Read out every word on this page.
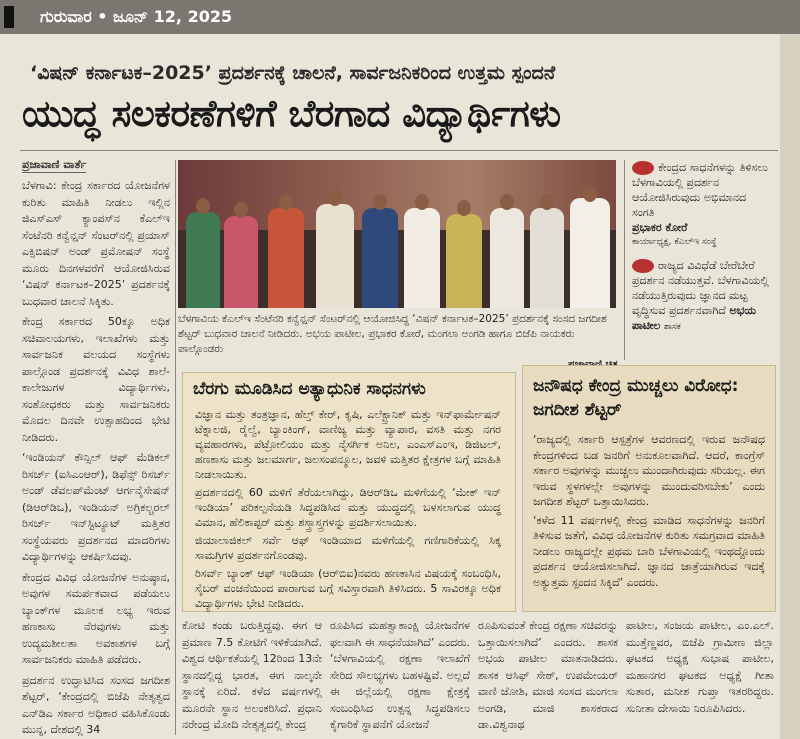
ಗುರುವಾರ • ಜೂನ್ 12, 2025
‘ವಿಷನ್ ಕರ್ನಾಟಕ–2025’ ಪ್ರದರ್ಶನಕ್ಕೆ ಚಾಲನೆ, ಸಾರ್ವಜನಿಕರಿಂದ ಉತ್ತಮ ಸ್ಪಂದನೆ
ಯುದ್ಧ ಸಲಕರಣೆಗಳಿಗೆ ಬೆರಗಾದ ವಿದ್ಯಾರ್ಥಿಗಳು
ಪ್ರಜಾವಾಣಿ ವಾರ್ತೆ

ಬೆಳಗಾವಿ: ಕೇಂದ್ರ ಸರ್ಕಾರದ ಯೋಜನೆಗಳ ಕುರಿತು ಮಾಹಿತಿ ನೀಡಲು ಇಲ್ಲಿನ ಜಿಎಸ್ಎಸ್ ಕ್ಯಾಂಪಸ್‌ನ ಕೆಎಲ್ಇ ಸೆಂಟೆನರಿ ಕನ್ವೆನ್ಷನ್ ಸೆಂಟರ್‌ನಲ್ಲಿ ಪ್ರಯಾಸ್ ಎಕ್ಸಿಬಿಷನ್ ಅಂಡ್ ಪ್ರಮೋಷನ್ ಸಂಸ್ಥೆ ಮೂರು ದಿನಗಳವರೆಗೆ ಆಯೋಜಿಸಿರುವ ‘ವಿಷನ್ ಕರ್ನಾಟಕ–2025’ ಪ್ರದರ್ಶನಕ್ಕೆ ಬುಧವಾರ ಚಾಲನೆ ಸಿಕ್ಕಿತು.

ಕೇಂದ್ರ ಸರ್ಕಾರದ 50ಕ್ಕೂ ಅಧಿಕ ಸಚಿವಾಲಯಗಳು, ಇಲಾಖೆಗಳು ಮತ್ತು ಸಾರ್ವಜನಿಕ ವಲಯದ ಸಂಸ್ಥೆಗಳು ಪಾಲ್ಗೊಂಡ ಪ್ರದರ್ಶನಕ್ಕೆ ವಿವಿಧ ಶಾಲೆ- ಕಾಲೇಜುಗಳ ವಿದ್ಯಾರ್ಥಿಗಳು, ಸಂಶೋಧಕರು ಮತ್ತು ಸಾರ್ವಜನಿಕರು ಮೊದಲ ದಿನವೇ ಉತ್ಸಾಹದಿಂದ ಭೇಟಿ ನೀಡಿದರು.

‘ಇಂಡಿಯನ್ ಕೌನ್ಸಿಲ್ ಆಫ್ ಮೆಡಿಕಲ್ ರಿಸರ್ಚ್ (ಐಸಿಎಂಆರ್), ಡಿಫೆನ್ಸ್ ರಿಸರ್ಚ್ ಅಂಡ್ ಡೆವಲಪ್‌ಮೆಂಟ್ ಆರ್ಗನೈಸೇಷನ್ (ಡಿಆರ್‌ಡಿಒ), ಇಂಡಿಯನ್ ಅಗ್ರಿಕಲ್ಚರಲ್ ರಿಸರ್ಚ್ ಇನ್‌ಸ್ಟಿಟ್ಯೂಟ್ ಮತ್ತಿತರ ಸಂಸ್ಥೆಯವರು ಪ್ರದರ್ಶನದ ಮಾದರಿಗಳು ವಿದ್ಯಾರ್ಥಿಗಳನ್ನು ಆಕರ್ಷಿಸಿದವು.

ಕೇಂದ್ರದ ವಿವಿಧ ಯೋಜನೆಗಳ ಅನುಷ್ಠಾನ, ಅವುಗಳ ಸಮರ್ಪಕವಾದ ಪಡೆಯಲು ಬ್ಯಾಂಕ್‌ಗಳ ಮೂಲಕ ಲಭ್ಯ ಇರುವ ಹಣಕಾಸು ನೆರವುಗಳು ಮತ್ತು ಉದ್ಯಮಶೀಲತಾ ಅವಕಾಶಗಳ ಬಗ್ಗೆ ಸಾರ್ವಜನಿಕರು ಮಾಹಿತಿ ಪಡೆದರು.

ಪ್ರದರ್ಶನ ಉದ್ಘಾಟಿಸಿದ ಸಂಸದ ಜಗದೀಶ ಶೆಟ್ಟರ್, ‘ಕೇಂದ್ರದಲ್ಲಿ ಬಿಜೆಪಿ ನೇತೃತ್ವದ ಎನ್‌ಡಿಎ ಸರ್ಕಾರ ಅಧಿಕಾರ ವಹಿಸಿಕೊಂಡು ಮುನ್ನ, ದೇಶದಲ್ಲಿ 34

ಬೆಳಗಾವಿಯ ಕೆಎಲ್ಇ ಸೆಂಟೆನರಿ ಕನ್ವೆನ್ಷನ್ ಸೆಂಟರ್‌ನಲ್ಲಿ ಆಯೋಜಿಸಿದ್ದ ‘ವಿಷನ್ ಕರ್ನಾಟಕ–2025’ ಪ್ರದರ್ಶನಕ್ಕೆ ಸಂಸದ ಜಗದೀಶ ಶೆಟ್ಟರ್ ಬುಧವಾರ ಚಾಲನೆ ನೀಡಿದರು. ಅಭಯ ಪಾಟೀಲ, ಪ್ರಭಾಕರ ಕೋರೆ, ಮಂಗಲಾ ಅಂಗಡಿ ಹಾಗೂ ಬಿಜೆಪಿ ನಾಯಕರು ಪಾಲ್ಗೊಂಡರು
ಕೇಂದ್ರದ ಸಾಧನೆಗಳನ್ನು ತಿಳಿಸಲು ಬೆಳಗಾವಿಯಲ್ಲಿ ಪ್ರದರ್ಶನ ಆಯೋಜಿಸಿರುವುದು ಅಭಿಮಾನದ ಸಂಗತಿ
ಪ್ರಭಾಕರ ಕೋರೆ
ಕಾರ್ಯಾಧ್ಯಕ್ಷ, ಕೆಎಲ್ಇ ಸಂಸ್ಥೆ
ರಾಜ್ಯದ ವಿವಿಧೆಡೆ ಬೇರೆಬೇರೆ ಪ್ರದರ್ಶನ ನಡೆಯುತ್ತವೆ. ಬೆಳಗಾವಿಯಲ್ಲಿ ನಡೆಯುತ್ತಿರುವುದು ಜ್ಞಾನದ ಮಟ್ಟ ವೃದ್ಧಿಸುವ ಪ್ರದರ್ಶನವಾಗಿದೆ ಅಭಯ ಪಾಟೀಲ ಶಾಸಕ
ಬೆರಗು ಮೂಡಿಸಿದ ಅತ್ಯಾಧುನಿಕ ಸಾಧನಗಳು

ವಿಜ್ಞಾನ ಮತ್ತು ತಂತ್ರಜ್ಞಾನ, ಹೆಲ್ತ್ ಕೇರ್, ಕೃಷಿ, ಎಲೆಕ್ಟ್ರಾನಿಕ್ ಮತ್ತು ಇನ್‌ಫಾರ್ಮೇಷನ್ ಟೆಕ್ನಾಲಜಿ, ರೈಲ್ವೆ, ಬ್ಯಾಂಕಿಂಗ್, ವಾಣಿಜ್ಯ ಮತ್ತು ವ್ಯಾಪಾರ, ವಸತಿ ಮತ್ತು ನಗರ ವ್ಯವಹಾರಗಳು, ಪೆಟ್ರೋಲಿಯಂ ಮತ್ತು ನೈಸರ್ಗಿಕ ಅನಿಲ, ಎಂಎಸ್‌ಎಂಇ, ಡಿಜಿಟಲ್, ಹಣಕಾಸು ಮತ್ತು ಜಲಮಾರ್ಗ, ಜಲಸಂಪನ್ಮೂಲ, ಜವಳಿ ಮತ್ತಿತರ ಕ್ಷೇತ್ರಗಳ ಬಗ್ಗೆ ಮಾಹಿತಿ ನೀಡಲಾಯಿತು.

ಪ್ರದರ್ಶನದಲ್ಲಿ 60 ಮಳಿಗೆ ತೆರೆಯಲಾಗಿದ್ದು, ಡಿಆರ್‌ಡಿಒ ಮಳಿಗೆಯಲ್ಲಿ ‘ಮೇಕ್ ಇನ್ ಇಂಡಿಯಾ’ ಪರಿಕಲ್ಪನೆಯಡಿ ಸಿದ್ಧಪಡಿಸಿದ ಮತ್ತು ಯುದ್ಧದಲ್ಲಿ ಬಳಸಲಾಗುವ ಯುದ್ಧ ವಿಮಾನ, ಹೆಲಿಕಾಪ್ಟರ್ ಮತ್ತು ಶಸ್ತ್ರಾಸ್ತ್ರಗಳನ್ನು ಪ್ರದರ್ಶಿಸಲಾಯಿತು.

ಜಿಯಾಲಾಜಿಕಲ್ ಸರ್ವೆ ಆಫ್ ಇಂಡಿಯಾದ ಮಳಿಗೆಯಲ್ಲಿ ಗಣಿಗಾರಿಕೆಯಲ್ಲಿ ಸಿಕ್ಕ ಸಾಮಗ್ರಿಗಳ ಪ್ರದರ್ಶನಗೊಂಡವು.

ರಿಸರ್ವ್ ಬ್ಯಾಂಕ್ ಆಫ್ ಇಂಡಿಯಾ (ಆರ್‌ಬಿಐ)ನವರು ಹಣಕಾಸಿನ ವಿಷಯಕ್ಕೆ ಸಂಬಂಧಿಸಿ, ಸೈಬರ್ ವಂಚನೆಯಿಂದ ಪಾರಾಗುವ ಬಗ್ಗೆ ಸವಿಸ್ತಾರವಾಗಿ ತಿಳಿಸಿದರು. 5 ಸಾವಿರಕ್ಕೂ ಅಧಿಕ ವಿದ್ಯಾರ್ಥಿಗಳು ಭೇಟಿ ನೀಡಿದರು.

ಜನೌಷಧ ಕೇಂದ್ರ ಮುಚ್ಚಲು ವಿರೋಧ: ಜಗದೀಶ ಶೆಟ್ಟರ್

‘ರಾಜ್ಯದಲ್ಲಿ ಸರ್ಕಾರಿ ಆಸ್ಪತ್ರೆಗಳ ಆವರಣದಲ್ಲಿ ಇರುವ ಜನೌಷಧ ಕೇಂದ್ರಗಳಿಂದ ಬಡ ಜನರಿಗೆ ಅನುಕೂಲವಾಗಿದೆ. ಆದರೆ, ಕಾಂಗ್ರೆಸ್ ಸರ್ಕಾರ ಅವುಗಳನ್ನು ಮುಚ್ಚಲು ಮುಂದಾಗಿರುವುದು ಸರಿಯಲ್ಲ. ಈಗ ಇರುವ ಸ್ಥಳಗಳಲ್ಲೇ ಅವುಗಳನ್ನು ಮುಂದುವರಿಸಬೇಕು’ ಎಂದು ಜಗದೀಶ ಶೆಟ್ಟರ್ ಒತ್ತಾಯಿಸಿದರು.

‘ಕಳೆದ 11 ವರ್ಷಗಳಲ್ಲಿ ಕೇಂದ್ರ ಮಾಡಿದ ಸಾಧನೆಗಳನ್ನು ಜನರಿಗೆ ತಿಳಿಸುವ ಜತೆಗೆ, ವಿವಿಧ ಯೋಜನೆಗಳ ಕುರಿತು ಸಮಗ್ರವಾದ ಮಾಹಿತಿ ನೀಡಲು ರಾಜ್ಯದಲ್ಲೇ ಪ್ರಥಮ ಬಾರಿ ಬೆಳಗಾವಿಯಲ್ಲಿ ಇಂಥದ್ದೊಂದು ಪ್ರದರ್ಶನ ಆಯೋಜಿಸಲಾಗಿದೆ. ಜ್ಞಾನದ ಜಾತ್ರೆಯಾಗಿರುವ ಇದಕ್ಕೆ ಅತ್ಯುತ್ತಮ ಸ್ಪಂದನ ಸಿಕ್ಕಿದೆ’ ಎಂದರು.

ಕೋಟಿ ಕಂಡು ಬರುತ್ತಿದ್ದವು. ಈಗ ಆ ಪ್ರಮಾಣ 7.5 ಕೋಟಿಗೆ ಇಳಿಕೆಯಾಗಿದೆ. ವಿಶ್ವದ ಆರ್ಥಿಕತೆಯಲ್ಲಿ 12ರಿಂದ 13ನೇ ಸ್ಥಾನದಲ್ಲಿದ್ದ ಭಾರತ, ಈಗ ನಾಲ್ಕನೇ ಸ್ಥಾನಕ್ಕೆ ಏರಿದೆ. ಕಳೆದ ವರ್ಷಗಳಲ್ಲಿ ಮೂರನೇ ಸ್ಥಾನ ಅಲಂಕರಿಸಿದೆ. ಪ್ರಧಾನಿ ನರೇಂದ್ರ ಮೋದಿ ನೇತೃತ್ವದಲ್ಲಿ ಕೇಂದ್ರ

ರೂಪಿಸಿದ ಮಹತ್ವಾಕಾಂಕ್ಷಿ ಯೋಜನೆಗಳ ಫಲವಾಗಿ ಈ ಸಾಧನೆಯಾಗಿದೆ’ ಎಂದರು. ‘ಬೆಳಗಾವಿಯಲ್ಲಿ ರಕ್ಷಣಾ ಇಲಾಖೆಗೆ ಸೇರಿದ ಸೌಲಭ್ಯಗಳು ಬಹಳಷ್ಟಿವೆ. ಅಲ್ಲದೆ ಈ ಜಿಲ್ಲೆಯಲ್ಲಿ ರಕ್ಷಣಾ ಕ್ಷೇತ್ರಕ್ಕೆ ಸಂಬಂಧಿಸಿದ ಉತ್ಪನ್ನ ಸಿದ್ಧಪಡಿಸಲು ಕೈಗಾರಿಕೆ ಸ್ಥಾಪನೆಗೆ ಯೋಜನೆ

ರೂಪಿಸುವಂತೆ ಕೇಂದ್ರ ರಕ್ಷಣಾ ಸಚಿವರನ್ನು ಒತ್ತಾಯಿಸಲಾಗಿದೆ’ ಎಂದರು. ಶಾಸಕ ಅಭಯ ಪಾಟೀಲ ಮಾತನಾಡಿದರು. ಶಾಸಕ ಆಸಿಫ್ ಸೇಠ್, ಉಪಮೇಯರ್ ವಾಣಿ ಜೋಶಿ, ಮಾಜಿ ಸಂಸದ ಮಂಗಲಾ ಅಂಗಡಿ, ಮಾಜಿ ಶಾಸಕರಾದ ಡಾ.ವಿಶ್ವನಾಥ

ಪಾಟೀಲ, ಸಂಜಯ ಪಾಟೀಲ, ಎಂ.ಎಲ್. ಮುತ್ತೆಣ್ಣವರ, ಬಿಜೆಪಿ ಗ್ರಾಮೀಣ ಜಿಲ್ಲಾ ಘಟಕದ ಅಧ್ಯಕ್ಷ ಸುಭಾಷ ಪಾಟೀಲ, ಮಹಾನಗರ ಘಟಕದ ಅಧ್ಯಕ್ಷೆ ಗೀತಾ ಸುತಾರ, ಮನೀಶ ಗುಪ್ತಾ ಇತರರಿದ್ದರು. ಸುನೀತಾ ದೇಸಾಯಿ ನಿರೂಪಿಸಿದರು.
